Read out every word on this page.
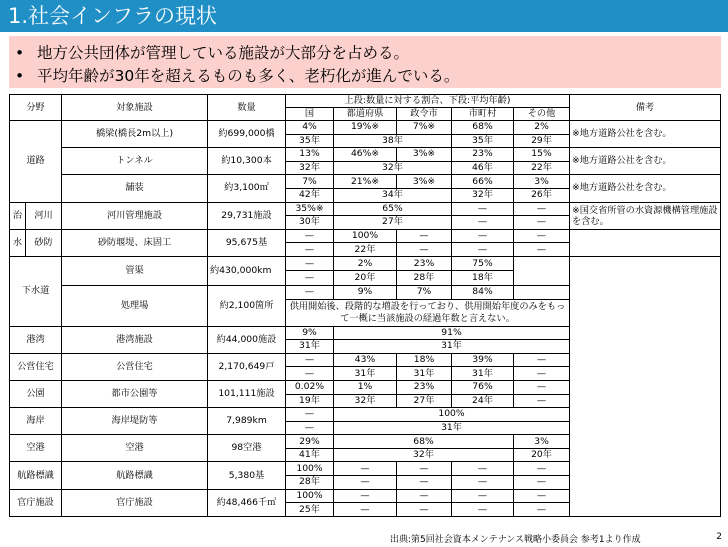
1.社会インフラの現状
• 地方公共団体が管理している施設が大部分を占める。
• 平均年齢が30年を超えるものも多く、老朽化が進んでいる。
分野		対象施設	数量	上段:数量に対する割合、下段:平均年齢)					備考
				国	都道府県	政令市	市町村	その他	
道路		橋梁(橋長2m以上)	約699,000橋	4%	19%※	7%※	68%	2%	※地方道路公社を含む。
				35年	38年		35年	29年	
		トンネル	約10,300本	13%	46%※	3%※	23%	15%	※地方道路公社を含む。
				32年	32年		46年	22年	
		舗装	約3,100㎡	7%	21%※	3%※	66%	3%	※地方道路公社を含む。
				42年	34年		32年	26年	
治	河川	河川管理施設	29,731施設	35%※	65%		—	—	※国交省所管の水資源機構管理施設を含む。
				30年	27年		—	—	
水	砂防	砂防堰堤、床固工	95,675基	—	100%	—	—	—	
				—	22年	—	—	—	
下水道		管渠	約430,000km	—	2%	23%	75%		
				—	20年	28年	18年		
		処理場	約2,100箇所	—	9%	7%	84%		
				供用開始後、段階的な増設を行っており、供用開始年度のみをもって一概に当該施設の経過年数と言えない。					
港湾		港湾施設	約44,000施設	9%	91%				
				31年	31年				
公営住宅		公営住宅	2,170,649戸	—	43%	18%	39%	—	
				—	31年	31年	31年	—	
公園		都市公園等	101,111施設	0.02%	1%	23%	76%	—	
				19年	32年	27年	24年	—	
海岸		海岸堤防等	7,989km	—	100%				
				—	31年				
空港		空港	98空港	29%	68%			3%	
				41年	32年			20年	
航路標識		航路標識	5,380基	100%	—	—	—	—	
				28年	—	—	—	—	
官庁施設		官庁施設	約48,466千㎡	100%	—	—	—	—	
				25年	—	—	—	—	
出典:第5回社会資本メンテナンス戦略小委員会 参考1より作成	2
